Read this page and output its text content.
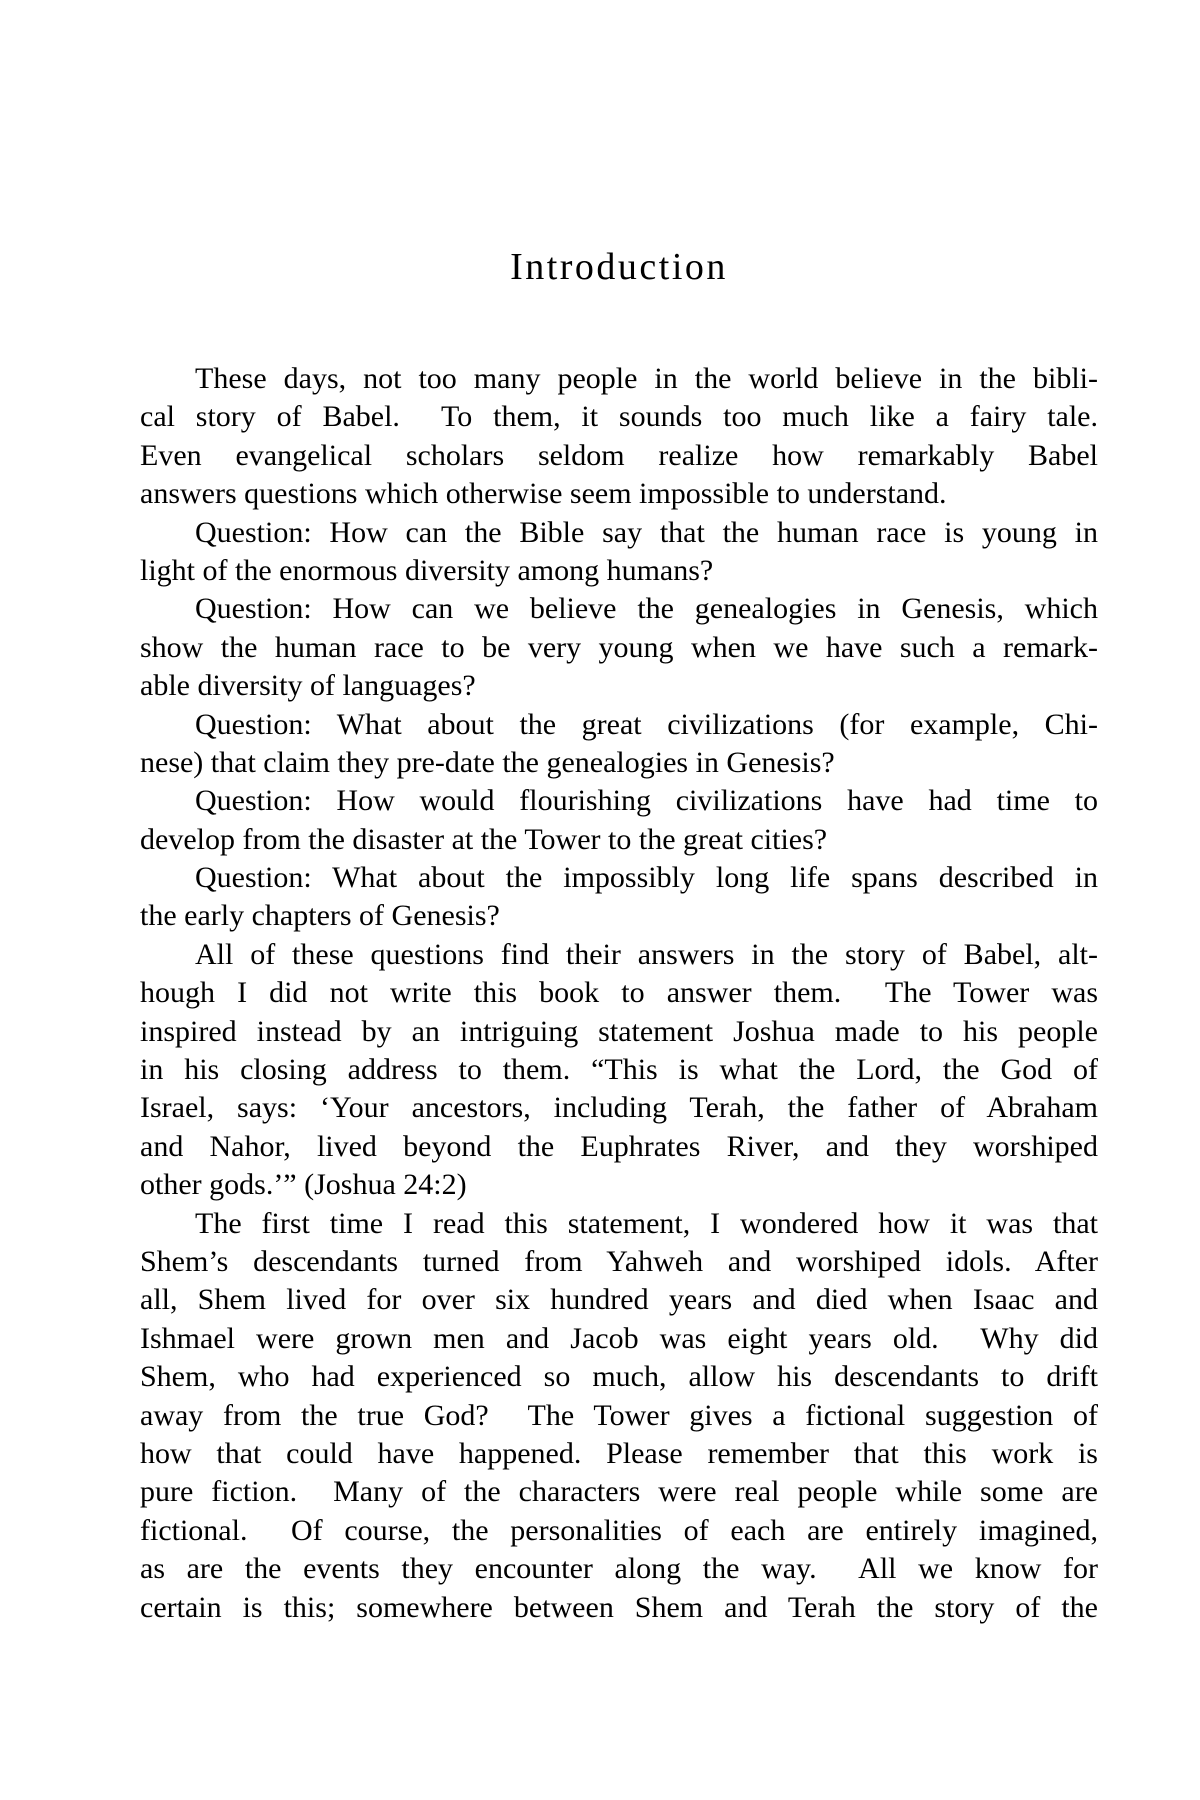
Introduction
These days, not too many people in the world believe in the bibli-
cal story of Babel.  To them, it sounds too much like a fairy tale.
Even evangelical scholars seldom realize how remarkably Babel
answers questions which otherwise seem impossible to understand.
Question: How can the Bible say that the human race is young in
light of the enormous diversity among humans?
Question: How can we believe the genealogies in Genesis, which
show the human race to be very young when we have such a remark-
able diversity of languages?
Question: What about the great civilizations (for example, Chi-
nese) that claim they pre-date the genealogies in Genesis?
Question: How would flourishing civilizations have had time to
develop from the disaster at the Tower to the great cities?
Question: What about the impossibly long life spans described in
the early chapters of Genesis?
All of these questions find their answers in the story of Babel, alt-
hough I did not write this book to answer them.  The Tower was
inspired instead by an intriguing statement Joshua made to his people
in his closing address to them. “This is what the Lord, the God of
Israel, says: ‘Your ancestors, including Terah, the father of Abraham
and Nahor, lived beyond the Euphrates River, and they worshiped
other gods.’” (Joshua 24:2)
The first time I read this statement, I wondered how it was that
Shem’s descendants turned from Yahweh and worshiped idols. After
all, Shem lived for over six hundred years and died when Isaac and
Ishmael were grown men and Jacob was eight years old.  Why did
Shem, who had experienced so much, allow his descendants to drift
away from the true God?  The Tower gives a fictional suggestion of
how that could have happened. Please remember that this work is
pure fiction.  Many of the characters were real people while some are
fictional.  Of course, the personalities of each are entirely imagined,
as are the events they encounter along the way.  All we know for
certain is this; somewhere between Shem and Terah the story of the
